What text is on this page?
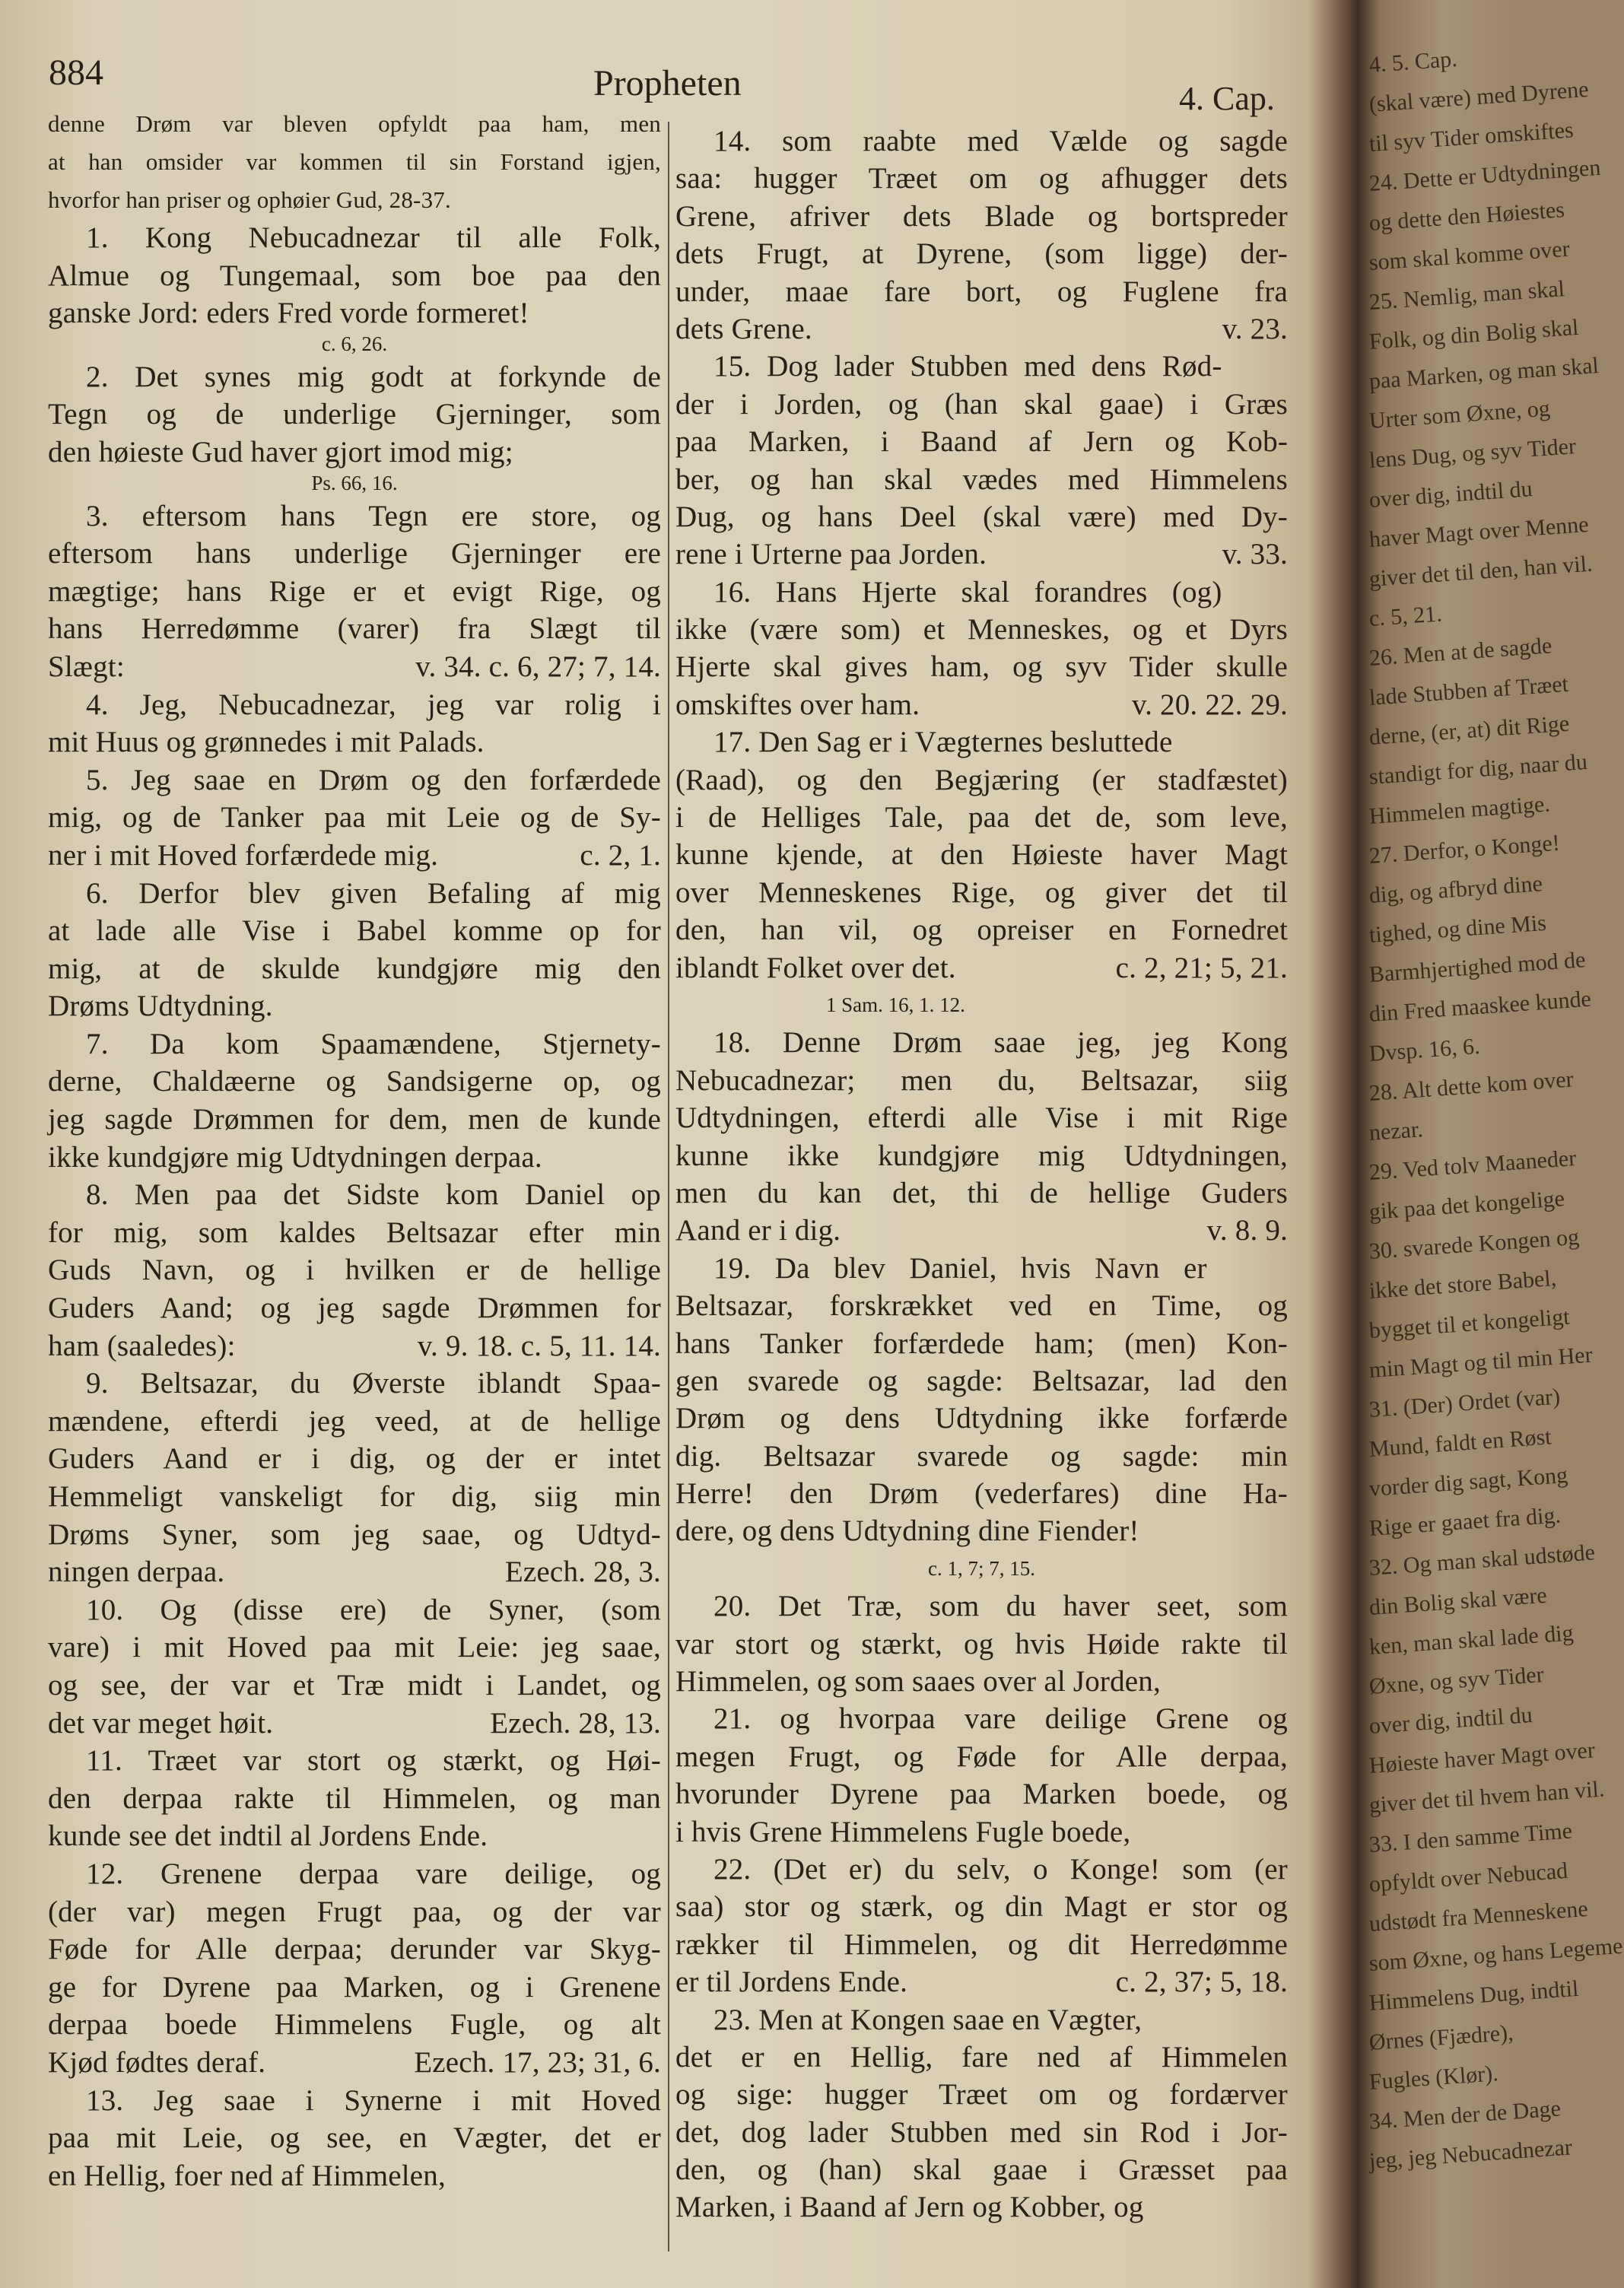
884	Propheten	4. Cap.
denne Drøm var bleven opfyldt paa ham, men
at han omsider var kommen til sin Forstand igjen,
hvorfor han priser og ophøier Gud, 28-37.
1. Kong Nebucadnezar til alle Folk,
Almue og Tungemaal, som boe paa den
ganske Jord: eders Fred vorde formeret!
c. 6, 26.
2. Det synes mig godt at forkynde de
Tegn og de underlige Gjerninger, som
den høieste Gud haver gjort imod mig;
Ps. 66, 16.
3. eftersom hans Tegn ere store, og
eftersom hans underlige Gjerninger ere
mægtige; hans Rige er et evigt Rige, og
hans Herredømme (varer) fra Slægt til
v. 34. c. 6, 27; 7, 14.
Slægt:
4. Jeg, Nebucadnezar, jeg var rolig i
mit Huus og grønnedes i mit Palads.
5. Jeg saae en Drøm og den forfærdede
mig, og de Tanker paa mit Leie og de Sy-
c. 2, 1.
ner i mit Hoved forfærdede mig.
6. Derfor blev given Befaling af mig
at lade alle Vise i Babel komme op for
mig, at de skulde kundgjøre mig den
Drøms Udtydning.
7. Da kom Spaamændene, Stjernety-
derne, Chaldæerne og Sandsigerne op, og
jeg sagde Drømmen for dem, men de kunde
ikke kundgjøre mig Udtydningen derpaa.
8. Men paa det Sidste kom Daniel op
for mig, som kaldes Beltsazar efter min
Guds Navn, og i hvilken er de hellige
Guders Aand; og jeg sagde Drømmen for
v. 9. 18. c. 5, 11. 14.
ham (saaledes):
9. Beltsazar, du Øverste iblandt Spaa-
mændene, efterdi jeg veed, at de hellige
Guders Aand er i dig, og der er intet
Hemmeligt vanskeligt for dig, siig min
Drøms Syner, som jeg saae, og Udtyd-
Ezech. 28, 3.
ningen derpaa.
10. Og (disse ere) de Syner, (som
vare) i mit Hoved paa mit Leie: jeg saae,
og see, der var et Træ midt i Landet, og
Ezech. 28, 13.
det var meget høit.
11. Træet var stort og stærkt, og Høi-
den derpaa rakte til Himmelen, og man
kunde see det indtil al Jordens Ende.
12. Grenene derpaa vare deilige, og
(der var) megen Frugt paa, og der var
Føde for Alle derpaa; derunder var Skyg-
ge for Dyrene paa Marken, og i Grenene
derpaa boede Himmelens Fugle, og alt
Ezech. 17, 23; 31, 6.
Kjød fødtes deraf.
13. Jeg saae i Synerne i mit Hoved
paa mit Leie, og see, en Vægter, det er
en Hellig, foer ned af Himmelen,
14. som raabte med Vælde og sagde
saa: hugger Træet om og afhugger dets
Grene, afriver dets Blade og bortspreder
dets Frugt, at Dyrene, (som ligge) der-
under, maae fare bort, og Fuglene fra
v. 23.
dets Grene.
15. Dog lader Stubben med dens Rød-
der i Jorden, og (han skal gaae) i Græs
paa Marken, i Baand af Jern og Kob-
ber, og han skal vædes med Himmelens
Dug, og hans Deel (skal være) med Dy-
v. 33.
rene i Urterne paa Jorden.
16. Hans Hjerte skal forandres (og)
ikke (være som) et Menneskes, og et Dyrs
Hjerte skal gives ham, og syv Tider skulle
v. 20. 22. 29.
omskiftes over ham.
17. Den Sag er i Vægternes besluttede
(Raad), og den Begjæring (er stadfæstet)
i de Helliges Tale, paa det de, som leve,
kunne kjende, at den Høieste haver Magt
over Menneskenes Rige, og giver det til
den, han vil, og opreiser en Fornedret
c. 2, 21; 5, 21.
iblandt Folket over det.
1 Sam. 16, 1. 12.
18. Denne Drøm saae jeg, jeg Kong
Nebucadnezar; men du, Beltsazar, siig
Udtydningen, efterdi alle Vise i mit Rige
kunne ikke kundgjøre mig Udtydningen,
men du kan det, thi de hellige Guders
v. 8. 9.
Aand er i dig.
19. Da blev Daniel, hvis Navn er
Beltsazar, forskrækket ved en Time, og
hans Tanker forfærdede ham; (men) Kon-
gen svarede og sagde: Beltsazar, lad den
Drøm og dens Udtydning ikke forfærde
dig. Beltsazar svarede og sagde: min
Herre! den Drøm (vederfares) dine Ha-
dere, og dens Udtydning dine Fiender!
c. 1, 7; 7, 15.
20. Det Træ, som du haver seet, som
var stort og stærkt, og hvis Høide rakte til
Himmelen, og som saaes over al Jorden,
21. og hvorpaa vare deilige Grene og
megen Frugt, og Føde for Alle derpaa,
hvorunder Dyrene paa Marken boede, og
i hvis Grene Himmelens Fugle boede,
22. (Det er) du selv, o Konge! som (er
saa) stor og stærk, og din Magt er stor og
rækker til Himmelen, og dit Herredømme
c. 2, 37; 5, 18.
er til Jordens Ende.
23. Men at Kongen saae en Vægter,
det er en Hellig, fare ned af Himmelen
og sige: hugger Træet om og fordærver
det, dog lader Stubben med sin Rod i Jor-
den, og (han) skal gaae i Græsset paa
Marken, i Baand af Jern og Kobber, og
4. 5. Cap.
(skal være) med Dyrene
til syv Tider omskiftes
24. Dette er Udtydningen
og dette den Høiestes
som skal komme over
25. Nemlig, man skal
Folk, og din Bolig skal
paa Marken, og man skal
Urter som Øxne, og
lens Dug, og syv Tider
over dig, indtil du
haver Magt over Menne
giver det til den, han vil.
c. 5, 21.
26. Men at de sagde
lade Stubben af Træet
derne, (er, at) dit Rige
standigt for dig, naar du
Himmelen magtige.
27. Derfor, o Konge!
dig, og afbryd dine
tighed, og dine Mis
Barmhjertighed mod de
din Fred maaskee kunde
Dvsp. 16, 6.
28. Alt dette kom over
nezar.
29. Ved tolv Maaneder
gik paa det kongelige
30. svarede Kongen og
ikke det store Babel,
bygget til et kongeligt
min Magt og til min Her
31. (Der) Ordet (var)
Mund, faldt en Røst
vorder dig sagt, Kong
Rige er gaaet fra dig.
32. Og man skal udstøde
din Bolig skal være
ken, man skal lade dig
Øxne, og syv Tider
over dig, indtil du
Høieste haver Magt over
giver det til hvem han vil.
33. I den samme Time
opfyldt over Nebucad
udstødt fra Menneskene
som Øxne, og hans Legeme
Himmelens Dug, indtil
Ørnes (Fjædre),
Fugles (Klør).
34. Men der de Dage
jeg, jeg Nebucadnezar
